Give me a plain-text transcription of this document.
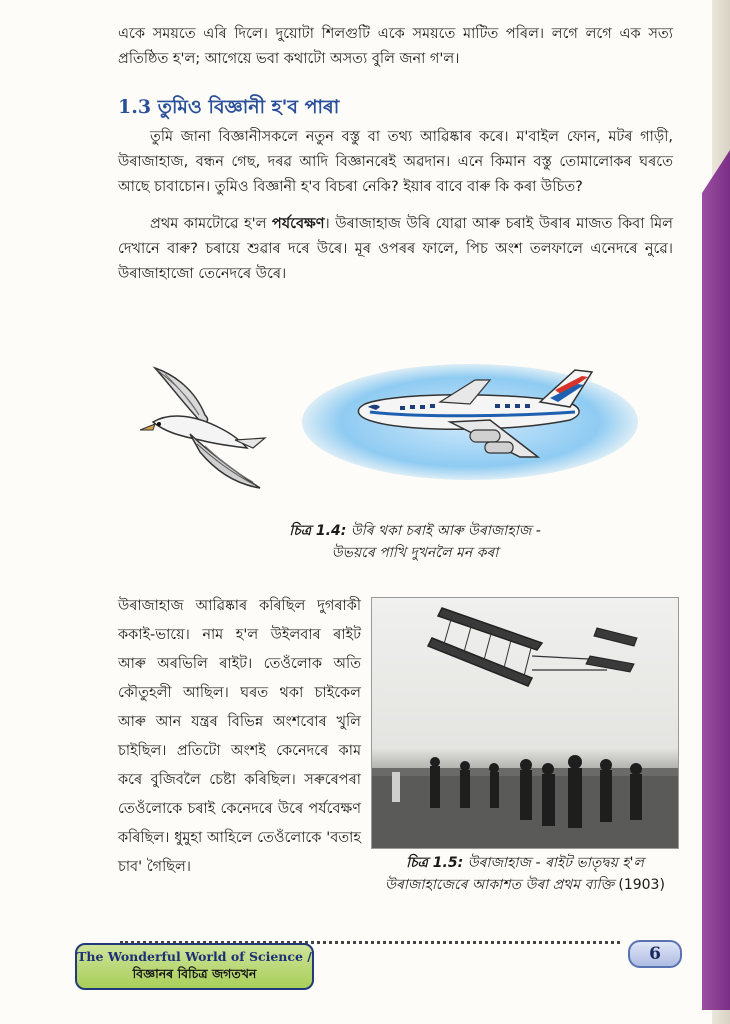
একে সময়তে এৰি দিলে। দুয়োটা শিলগুটি একে সময়তে মাটিত পৰিল। লগে লগে এক সত্য প্ৰতিষ্ঠিত হ'ল; আগেয়ে ভবা কথাটো অসত্য বুলি জনা গ'ল।

1.3 তুমিও বিজ্ঞানী হ'ব পাৰা

তুমি জানা বিজ্ঞানীসকলে নতুন বস্তু বা তথ্য আৱিষ্কাৰ কৰে। ম'বাইল ফোন, মটৰ গাড়ী, উৰাজাহাজ, বন্ধন গেছ, দৰৱ আদি বিজ্ঞানৰেই অৱদান। এনে কিমান বস্তু তোমালোকৰ ঘৰতে আছে চাবাচোন। তুমিও বিজ্ঞানী হ'ব বিচৰা নেকি? ইয়াৰ বাবে বাৰু কি কৰা উচিত?

প্ৰথম কামটোৱে হ'ল পৰ্যবেক্ষণ। উৰাজাহাজ উৰি যোৱা আৰু চৰাই উৰাৰ মাজত কিবা মিল দেখানে বাৰু? চৰায়ে শুৱাৰ দৰে উৰে। মূৰ ওপৰৰ ফালে, পিচ অংশ তলফালে এনেদৰে নুৱে। উৰাজাহাজো তেনেদৰে উৰে।

চিত্ৰ 1.4: উৰি থকা চৰাই আৰু উৰাজাহাজ -
উভয়ৰে পাখি দুখনলৈ মন কৰা

উৰাজাহাজ আৱিষ্কাৰ কৰিছিল দুগৰাকী ককাই-ভায়ে। নাম হ'ল উইলবাৰ ৰাইট আৰু অৰভিলি ৰাইট। তেওঁলোক অতি কৌতুহলী আছিল। ঘৰত থকা চাইকেল আৰু আন যন্ত্ৰৰ বিভিন্ন অংশবোৰ খুলি চাইছিল। প্ৰতিটো অংশই কেনেদৰে কাম কৰে বুজিবলৈ চেষ্টা কৰিছিল। সৰুৰেপৰা তেওঁলোকে চৰাই কেনেদৰে উৰে পৰ্যবেক্ষণ কৰিছিল। ধুমুহা আহিলে তেওঁলোকে 'বতাহ চাব' গৈছিল।	চিত্ৰ 1.5: উৰাজাহাজ - ৰাইট ভাতৃদ্বয় হ'ল
উৰাজাহাজেৰে আকাশত উৰা প্ৰথম ব্যক্তি (1903)
The Wonderful World of Science /
বিজ্ঞানৰ বিচিত্ৰ জগতখন
6
